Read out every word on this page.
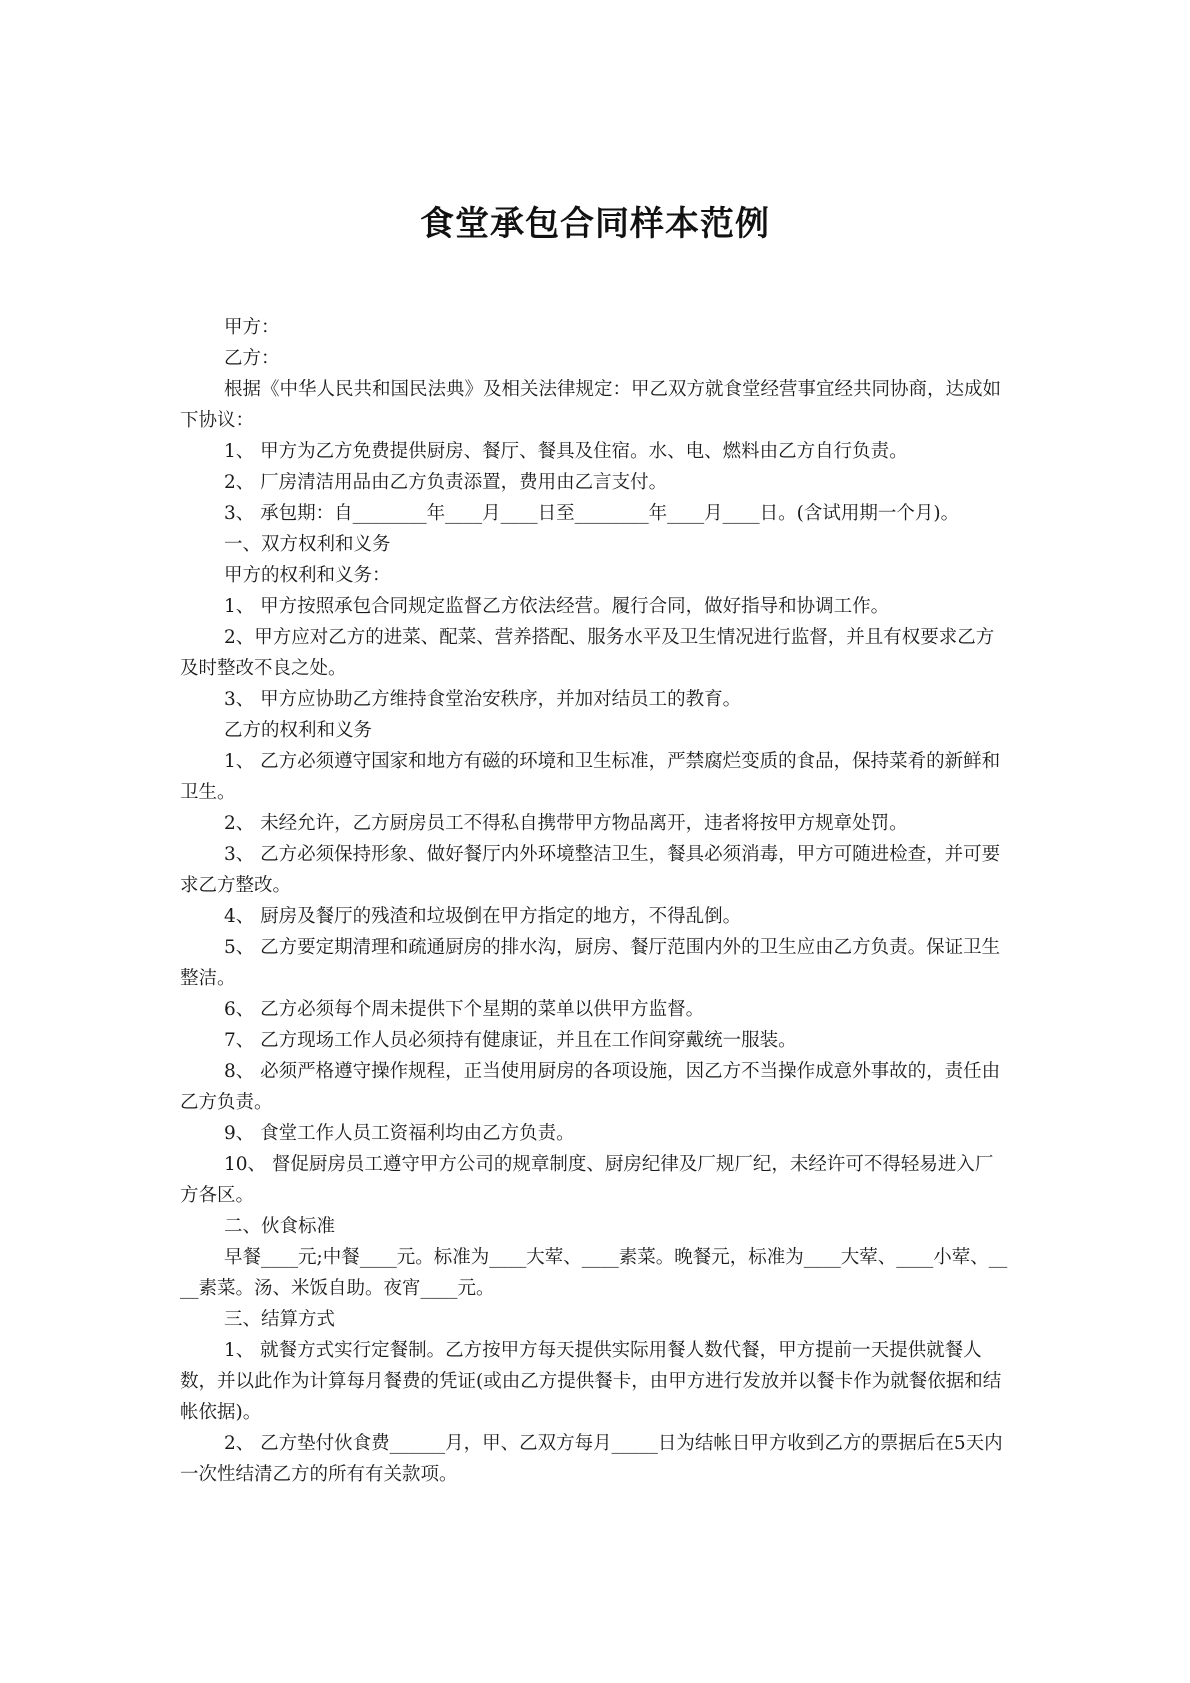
食堂承包合同样本范例

甲方：

乙方：

根据《中华人民共和国民法典》及相关法律规定：甲乙双方就食堂经营事宜经共同协商，达成如下协议：

1、 甲方为乙方免费提供厨房、餐厅、餐具及住宿。水、电、燃料由乙方自行负责。

2、 厂房清洁用品由乙方负责添置，费用由乙言支付。

3、 承包期：自________年____月____日至________年____月____日。(含试用期一个月)。

一、双方权利和义务

甲方的权利和义务：

1、 甲方按照承包合同规定监督乙方依法经营。履行合同，做好指导和协调工作。

2、甲方应对乙方的进菜、配菜、营养搭配、服务水平及卫生情况进行监督，并且有权要求乙方及时整改不良之处。

3、 甲方应协助乙方维持食堂治安秩序，并加对结员工的教育。

乙方的权利和义务

1、 乙方必须遵守国家和地方有磁的环境和卫生标准，严禁腐烂变质的食品，保持菜肴的新鲜和卫生。

2、 未经允许，乙方厨房员工不得私自携带甲方物品离开，违者将按甲方规章处罚。

3、 乙方必须保持形象、做好餐厅内外环境整洁卫生，餐具必须消毒，甲方可随进检查，并可要求乙方整改。

4、 厨房及餐厅的残渣和垃圾倒在甲方指定的地方，不得乱倒。

5、 乙方要定期清理和疏通厨房的排水沟，厨房、餐厅范围内外的卫生应由乙方负责。保证卫生整洁。

6、 乙方必须每个周未提供下个星期的菜单以供甲方监督。

7、 乙方现场工作人员必须持有健康证，并且在工作间穿戴统一服装。

8、 必须严格遵守操作规程，正当使用厨房的各项设施，因乙方不当操作成意外事故的，责任由乙方负责。

9、 食堂工作人员工资福利均由乙方负责。

10、 督促厨房员工遵守甲方公司的规章制度、厨房纪律及厂规厂纪，未经许可不得轻易进入厂方各区。

二、伙食标准

早餐____元;中餐____元。标准为____大荤、____素菜。晚餐元，标准为____大荤、____小荤、____素菜。汤、米饭自助。夜宵____元。

三、结算方式

1、 就餐方式实行定餐制。乙方按甲方每天提供实际用餐人数代餐，甲方提前一天提供就餐人数，并以此作为计算每月餐费的凭证(或由乙方提供餐卡，由甲方进行发放并以餐卡作为就餐依据和结帐依据)。

2、 乙方垫付伙食费______月，甲、乙双方每月_____日为结帐日甲方收到乙方的票据后在5天内一次性结清乙方的所有有关款项。
